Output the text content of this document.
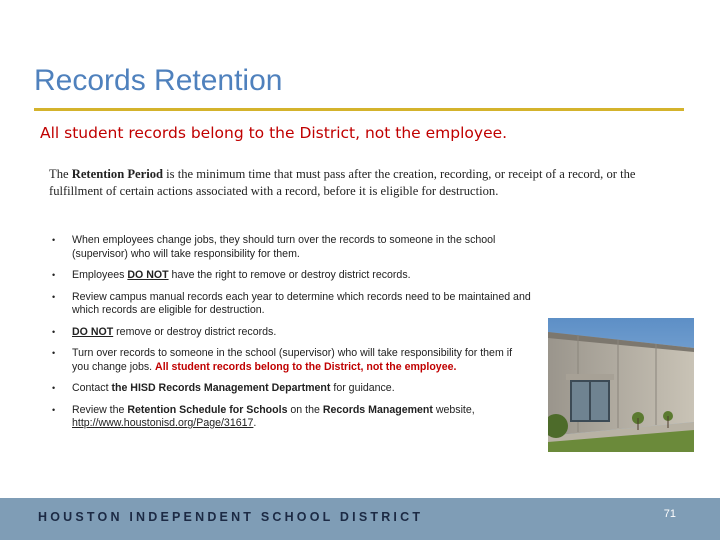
Records Retention
All student records belong to the District, not the employee.
The Retention Period is the minimum time that must pass after the creation, recording, or receipt of a record, or the fulfillment of certain actions associated with a record, before it is eligible for destruction.
• When employees change jobs, they should turn over the records to someone in the school (supervisor) who will take responsibility for them.
• Employees DO NOT have the right to remove or destroy district records.
• Review campus manual records each year to determine which records need to be maintained and which records are eligible for destruction.
• DO NOT remove or destroy district records.
• Turn over records to someone in the school (supervisor) who will take responsibility for them if you change jobs. All student records belong to the District, not the employee.
• Contact the HISD Records Management Department for guidance.
• Review the Retention Schedule for Schools on the Records Management website, http://www.houstonisd.org/Page/31617.
HOUSTON INDEPENDENT SCHOOL DISTRICT	71
